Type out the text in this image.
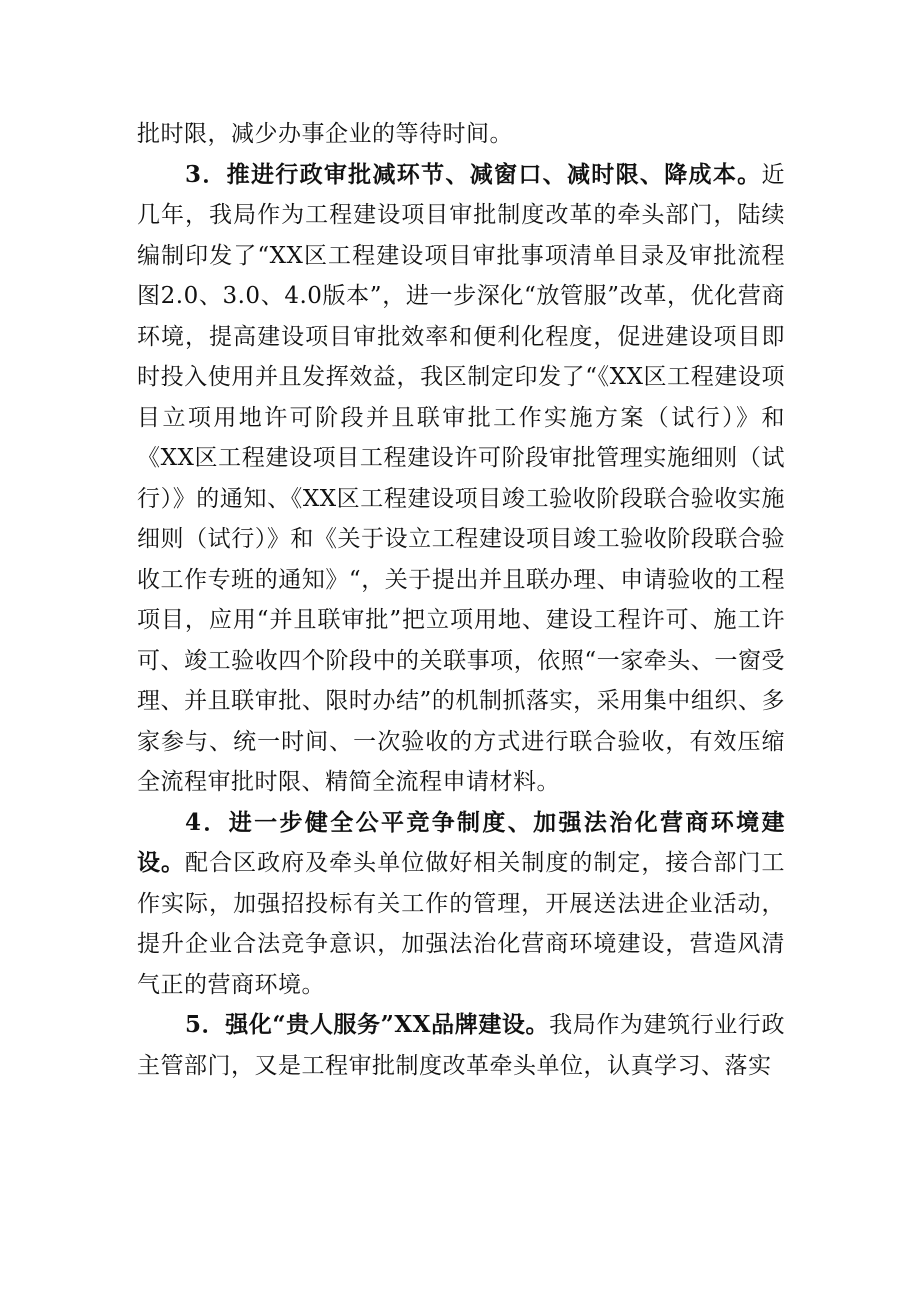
批时限，减少办事企业的等待时间。

3．推进行政审批减环节、减窗口、减时限、降成本。近几年，我局作为工程建设项目审批制度改革的牵头部门，陆续编制印发了“XX区工程建设项目审批事项清单目录及审批流程图2.0、3.0、4.0版本”，进一步深化“放管服”改革，优化营商环境，提高建设项目审批效率和便利化程度，促进建设项目即时投入使用并且发挥效益，我区制定印发了“《XX区工程建设项目立项用地许可阶段并且联审批工作实施方案（试行）》和《XX区工程建设项目工程建设许可阶段审批管理实施细则（试行）》的通知、《XX区工程建设项目竣工验收阶段联合验收实施细则（试行）》和《关于设立工程建设项目竣工验收阶段联合验收工作专班的通知》“，关于提出并且联办理、申请验收的工程项目，应用“并且联审批”把立项用地、建设工程许可、施工许可、竣工验收四个阶段中的关联事项，依照“一家牵头、一窗受理、并且联审批、限时办结”的机制抓落实，采用集中组织、多家参与、统一时间、一次验收的方式进行联合验收，有效压缩全流程审批时限、精简全流程申请材料。

4．进一步健全公平竞争制度、加强法治化营商环境建设。配合区政府及牵头单位做好相关制度的制定，接合部门工作实际，加强招投标有关工作的管理，开展送法进企业活动，提升企业合法竞争意识，加强法治化营商环境建设，营造风清气正的营商环境。

5．强化“贵人服务”XX品牌建设。我局作为建筑行业行政主管部门，又是工程审批制度改革牵头单位，认真学习、落实
